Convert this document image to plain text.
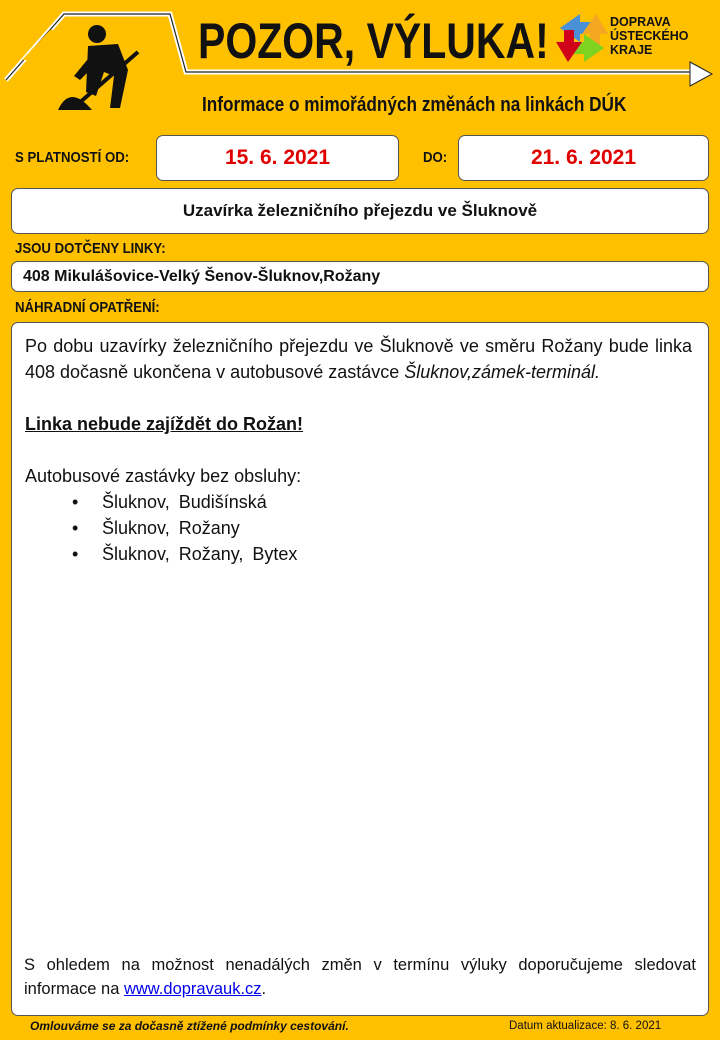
POZOR, VÝLUKA!
Informace o mimořádných změnách na linkách DÚK
DOPRAVA
ÚSTECKÉHO
KRAJE
S PLATNOSTÍ OD:	15. 6. 2021	DO:	21. 6. 2021
Uzavírka železničního přejezdu ve Šluknově
JSOU DOTČENY LINKY:
408 Mikulášovice-Velký Šenov-Šluknov,Rožany
NÁHRADNÍ OPATŘENÍ:

Po dobu uzavírky železničního přejezdu ve Šluknově ve směru Rožany bude linka 408 dočasně ukončena v autobusové zastávce Šluknov,zámek-terminál.

Linka nebude zajíždět do Rožan!

Autobusové zastávky bez obsluhy:

• Šluknov, Budišínská
• Šluknov, Rožany
• Šluknov, Rožany, Bytex
S ohledem na možnost nenadálých změn v termínu výluky doporučujeme sledovat informace na www.dopravauk.cz.
Omlouváme se za dočasně ztížené podmínky cestování.	Datum aktualizace: 8. 6. 2021
